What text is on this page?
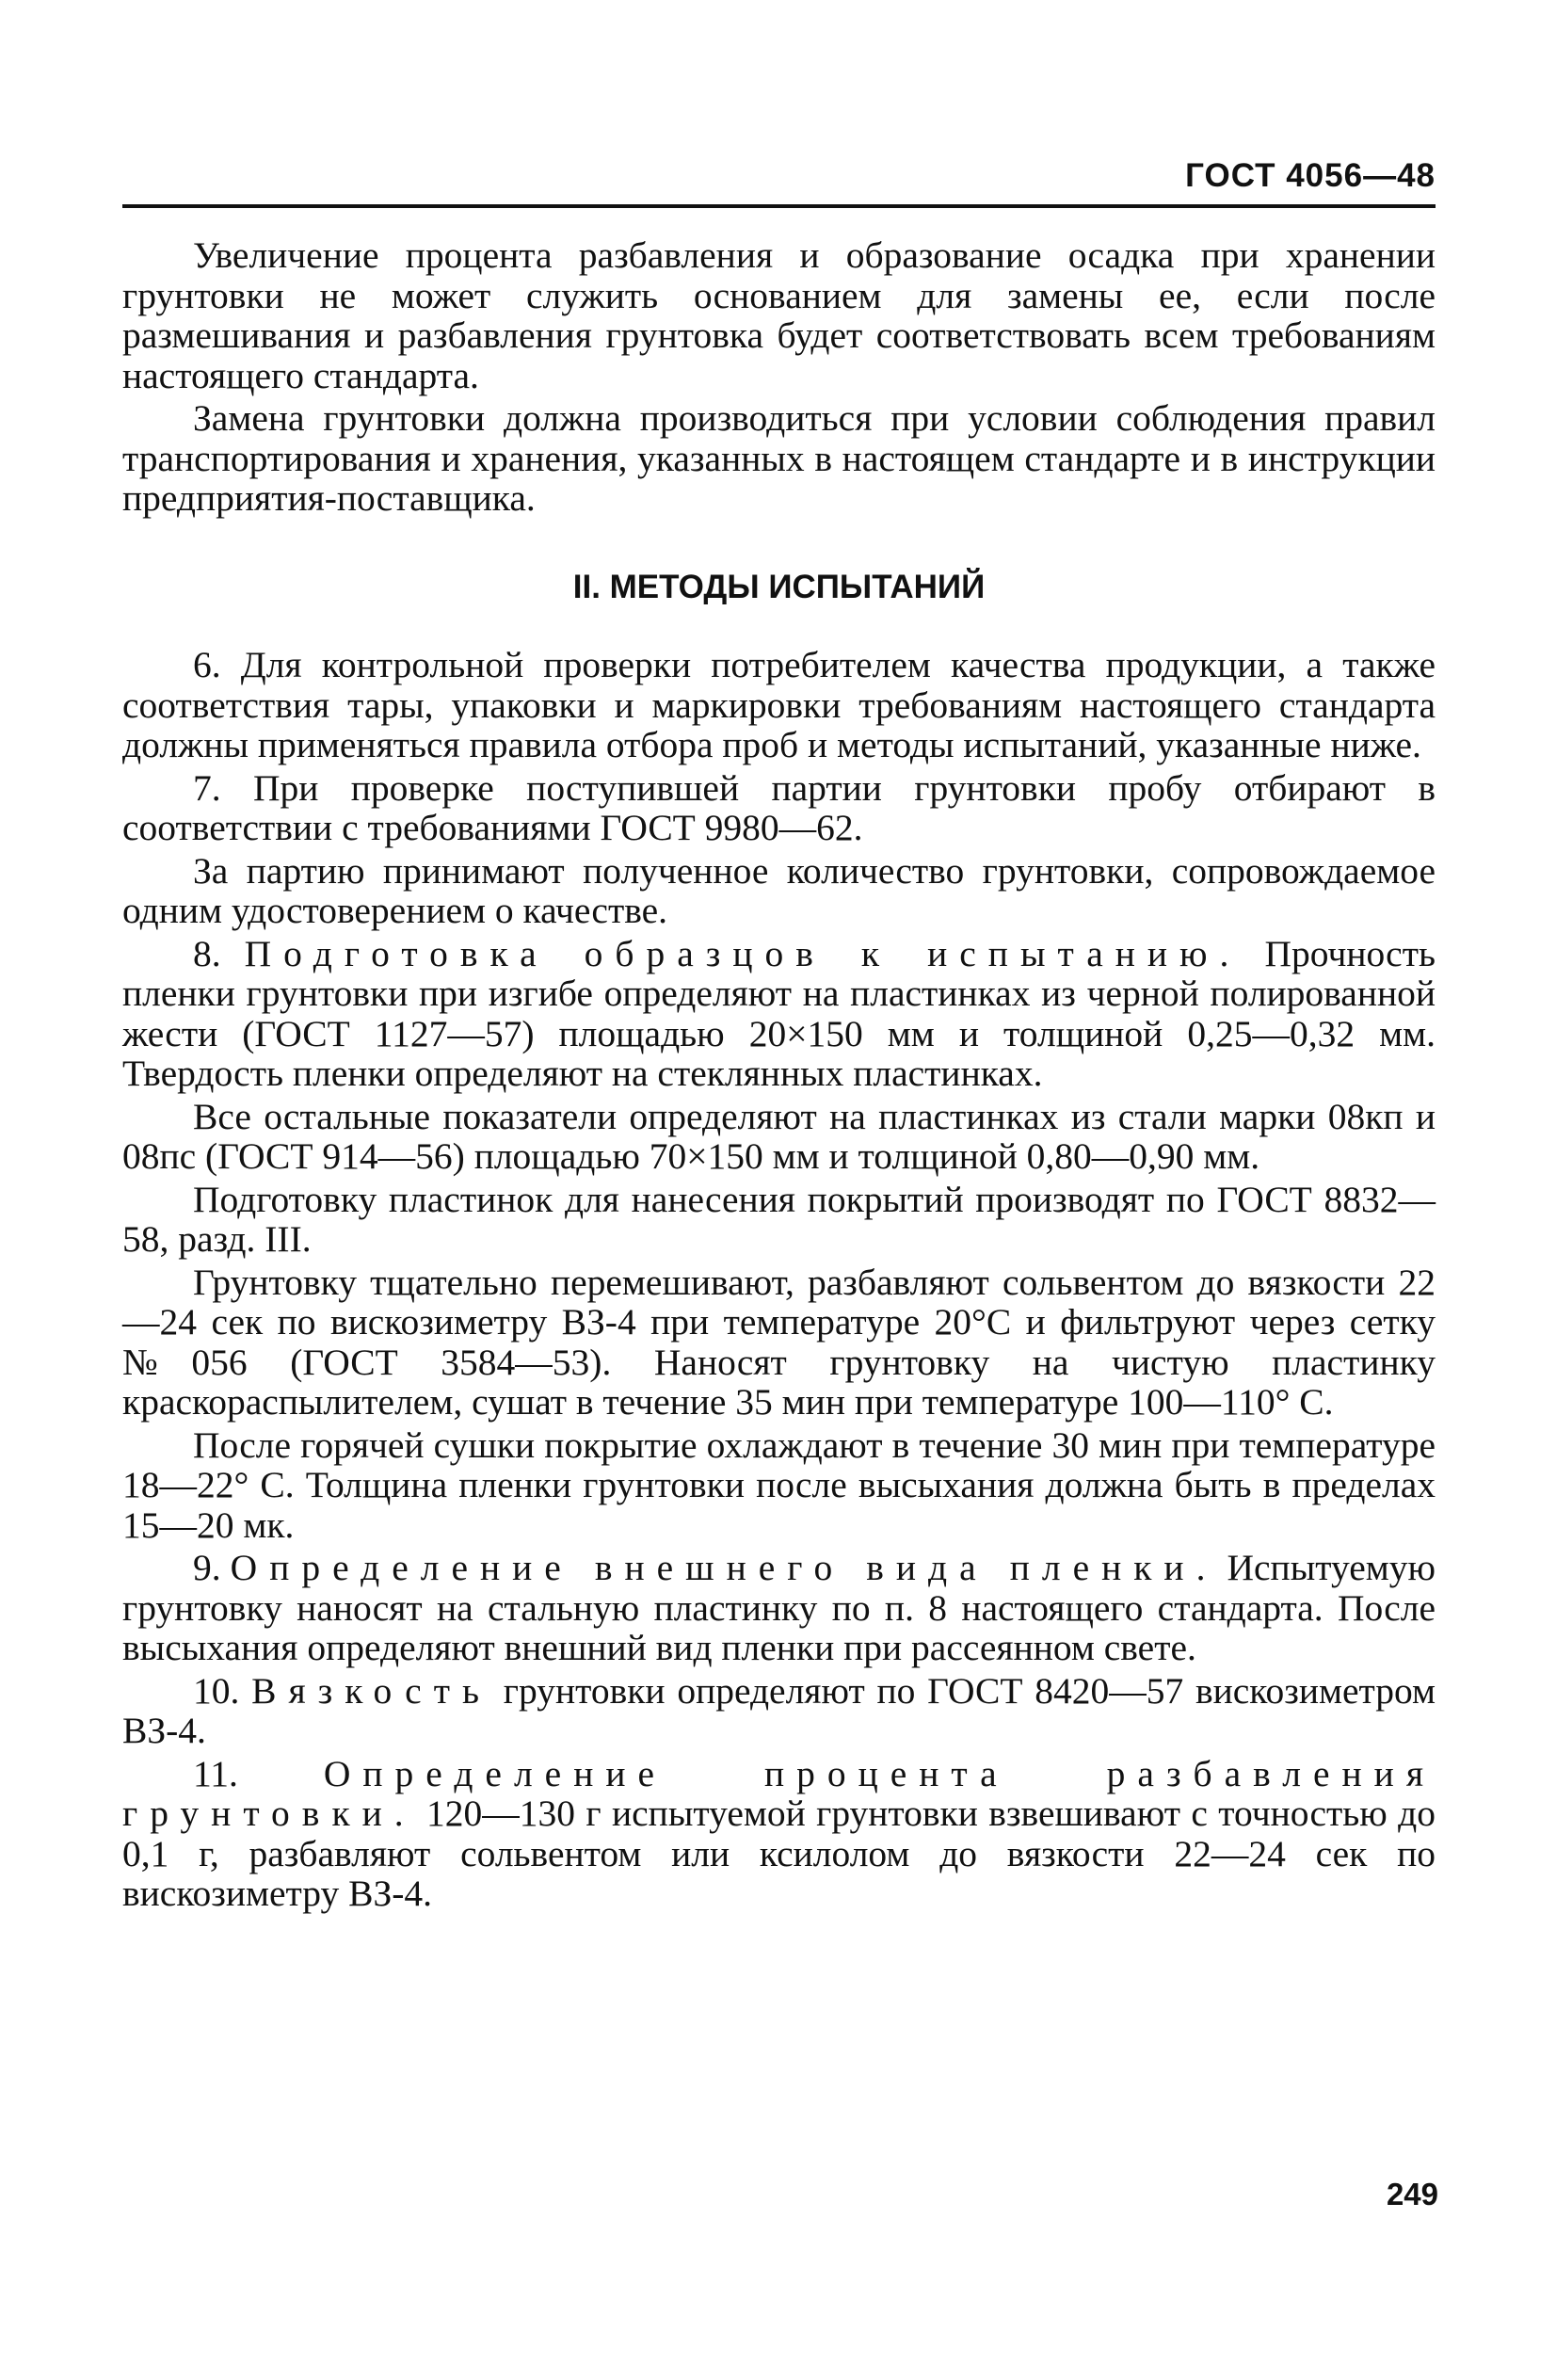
ГОСТ 4056—48

Увеличение процента разбавления и образование осадка при хранении грунтовки не может служить основанием для замены ее, если после размешивания и разбавления грунтовка будет соответствовать всем требованиям настоящего стандарта.

Замена грунтовки должна производиться при условии соблюдения правил транспортирования и хранения, указанных в настоящем стандарте и в инструкции предприятия-поставщика.

II. МЕТОДЫ ИСПЫТАНИЙ

6. Для контрольной проверки потребителем качества продукции, а также соответствия тары, упаковки и маркировки требованиям настоящего стандарта должны применяться правила отбора проб и методы испытаний, указанные ниже.

7. При проверке поступившей партии грунтовки пробу отбирают в соответствии с требованиями ГОСТ 9980—62.

За партию принимают полученное количество грунтовки, сопровождаемое одним удостоверением о качестве.

8. Подготовка образцов к испытанию. Прочность пленки грунтовки при изгибе определяют на пластинках из черной полированной жести (ГОСТ 1127—57) площадью 20×150 мм и толщиной 0,25—0,32 мм. Твердость пленки определяют на стеклянных пластинках.

Все остальные показатели определяют на пластинках из стали марки 08кп и 08пс (ГОСТ 914—56) площадью 70×150 мм и толщиной 0,80—0,90 мм.

Подготовку пластинок для нанесения покрытий производят по ГОСТ 8832—58, разд. III.

Грунтовку тщательно перемешивают, разбавляют сольвентом до вязкости 22—24 сек по вискозиметру ВЗ-4 при температуре 20°С и фильтруют через сетку №056 (ГОСТ 3584—53). Наносят грунтовку на чистую пластинку краскораспылителем, сушат в течение 35 мин при температуре 100—110° С.

После горячей сушки покрытие охлаждают в течение 30 мин при температуре 18—22° С. Толщина пленки грунтовки после высыхания должна быть в пределах 15—20 мк.

9. Определение внешнего вида пленки. Испытуемую грунтовку наносят на стальную пластинку по п. 8 настоящего стандарта. После высыхания определяют внешний вид пленки при рассеянном свете.

10. Вязкость грунтовки определяют по ГОСТ 8420—57 вискозиметром ВЗ-4.

11. Определение процента разбавления грунтовки. 120—130 г испытуемой грунтовки взвешивают с точностью до 0,1 г, разбавляют сольвентом или ксилолом до вязкости 22—24 сек по вискозиметру ВЗ-4.

249
